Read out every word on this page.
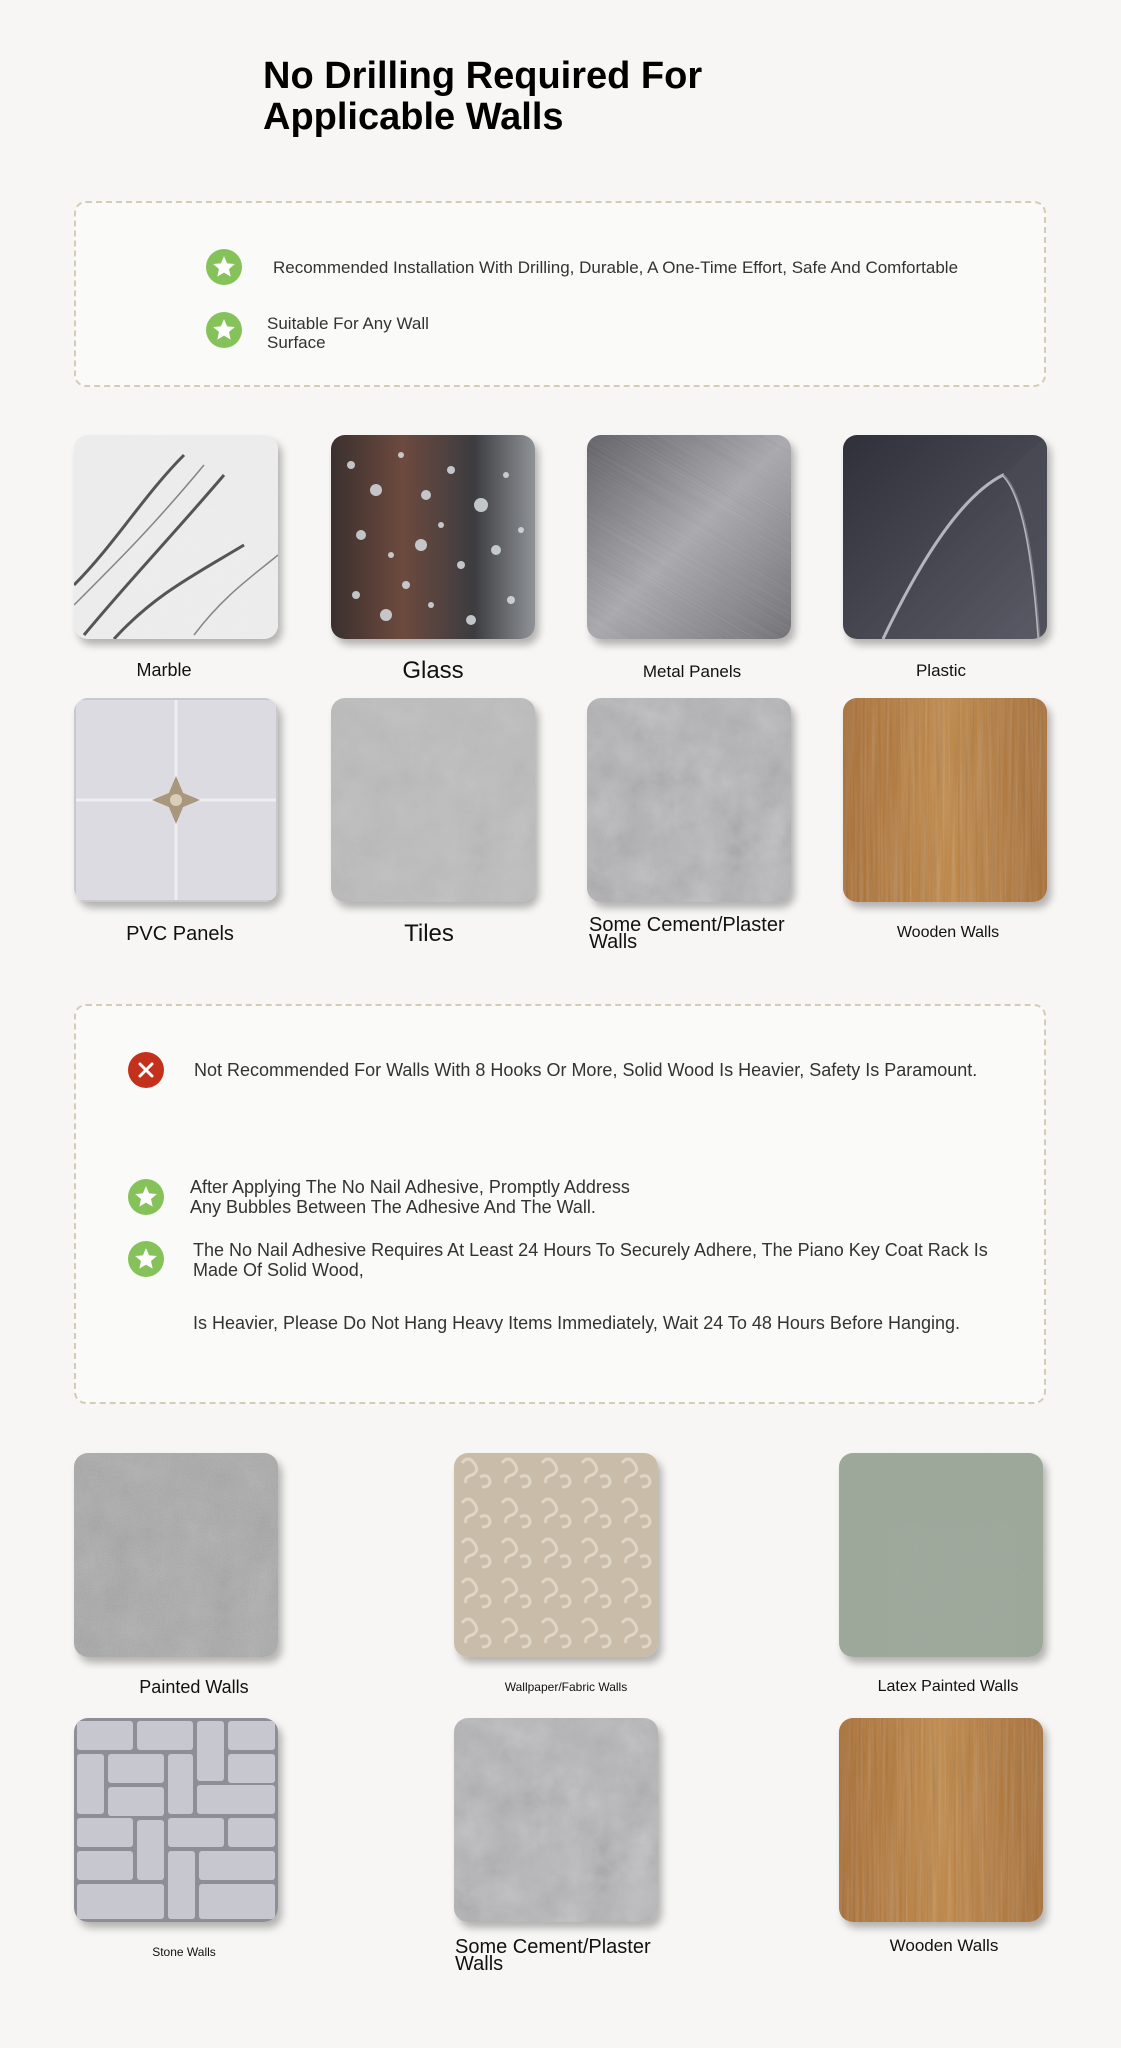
No Drilling Required For Applicable Walls
Recommended Installation With Drilling, Durable, A One-Time Effort, Safe And Comfortable
Suitable For Any Wall Surface
Marble	Glass	Metal Panels	Plastic
PVC Panels	Tiles	Some Cement/Plaster Walls	Wooden Walls
Not Recommended For Walls With 8 Hooks Or More, Solid Wood Is Heavier, Safety Is Paramount.
After Applying The No Nail Adhesive, Promptly Address Any Bubbles Between The Adhesive And The Wall.
The No Nail Adhesive Requires At Least 24 Hours To Securely Adhere, The Piano Key Coat Rack Is Made Of Solid Wood,
Is Heavier, Please Do Not Hang Heavy Items Immediately, Wait 24 To 48 Hours Before Hanging.
Painted Walls	Wallpaper/Fabric Walls	Latex Painted Walls
Stone Walls	Some Cement/Plaster Walls
Wooden Walls
